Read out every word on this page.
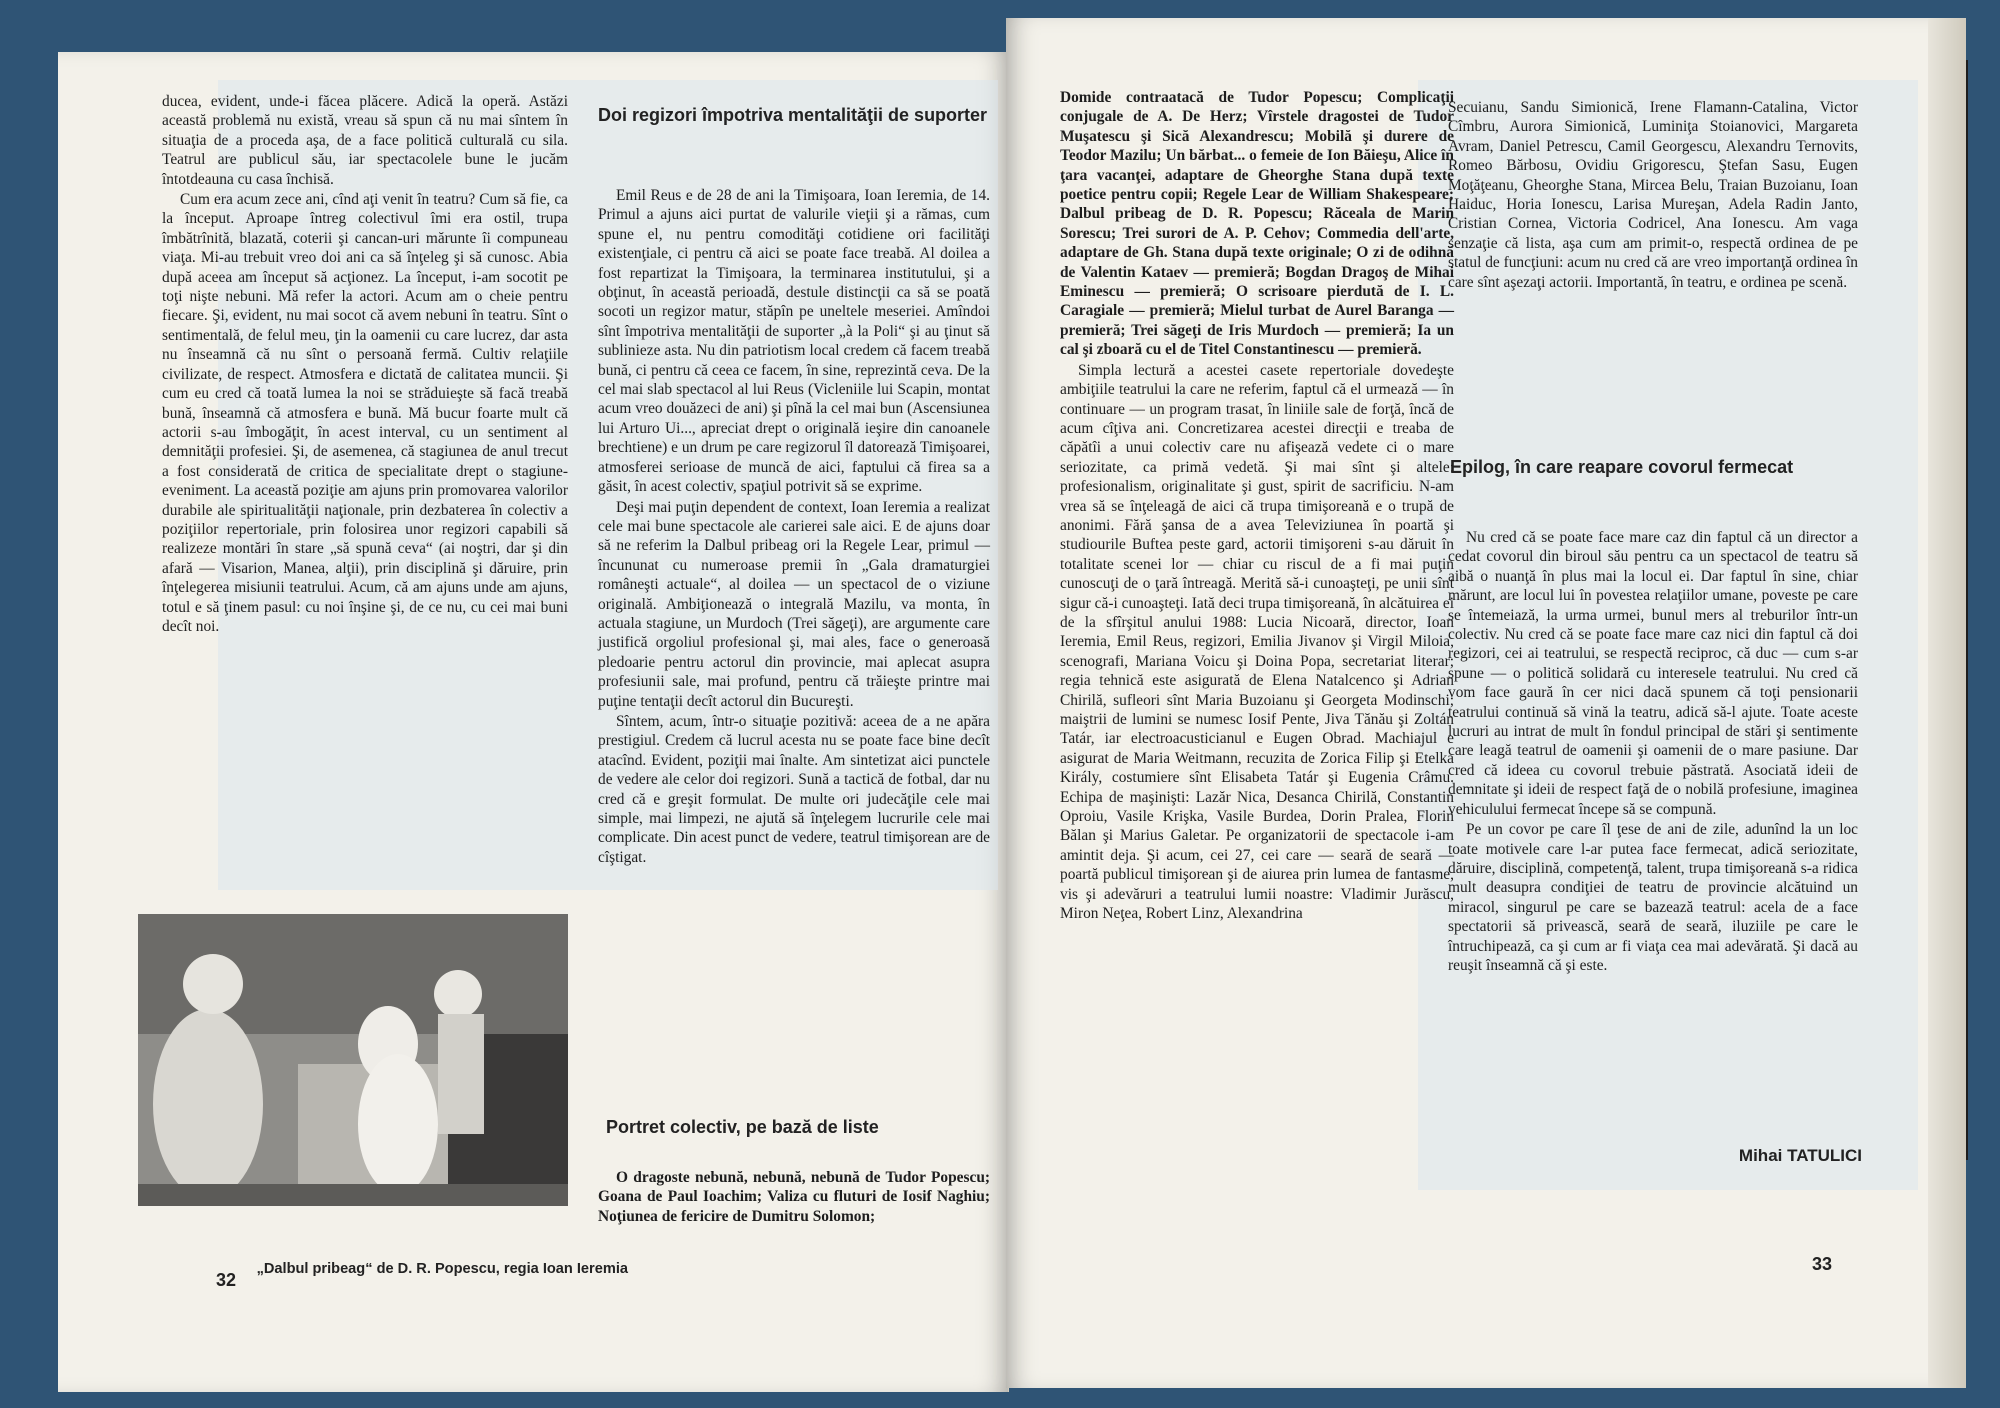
ducea, evident, unde-i făcea plăcere. Adică la operă. Astăzi această problemă nu există, vreau să spun că nu mai sîntem în situaţia de a proceda aşa, de a face politică culturală cu sila. Teatrul are publicul său, iar spectacolele bune le jucăm întotdeauna cu casa închisă.

Cum era acum zece ani, cînd aţi venit în teatru? Cum să fie, ca la început. Aproape întreg colectivul îmi era ostil, trupa îmbătrînită, blazată, coterii şi cancan-uri mărunte îi compuneau viaţa. Mi-au trebuit vreo doi ani ca să înţeleg şi să cunosc. Abia după aceea am început să acţionez. La început, i-am socotit pe toţi nişte nebuni. Mă refer la actori. Acum am o cheie pentru fiecare. Şi, evident, nu mai socot că avem nebuni în teatru. Sînt o sentimentală, de felul meu, ţin la oamenii cu care lucrez, dar asta nu înseamnă că nu sînt o persoană fermă. Cultiv relaţiile civilizate, de respect. Atmosfera e dictată de calitatea muncii. Şi cum eu cred că toată lumea la noi se străduieşte să facă treabă bună, înseamnă că atmosfera e bună. Mă bucur foarte mult că actorii s-au îmbogăţit, în acest interval, cu un sentiment al demnităţii profesiei. Şi, de asemenea, că stagiunea de anul trecut a fost considerată de critica de specialitate drept o stagiune-eveniment. La această poziţie am ajuns prin promovarea valorilor durabile ale spiritualităţii naţionale, prin dezbaterea în colectiv a poziţiilor repertoriale, prin folosirea unor regizori capabili să realizeze montări în stare „să spună ceva“ (ai noştri, dar şi din afară — Visarion, Manea, alţii), prin disciplină şi dăruire, prin înţelegerea misiunii teatrului. Acum, că am ajuns unde am ajuns, totul e să ţinem pasul: cu noi înşine şi, de ce nu, cu cei mai buni decît noi.

Doi regizori împotriva mentalităţii de suporter

Emil Reus e de 28 de ani la Timişoara, Ioan Ieremia, de 14. Primul a ajuns aici purtat de valurile vieţii şi a rămas, cum spune el, nu pentru comodităţi cotidiene ori facilităţi existenţiale, ci pentru că aici se poate face treabă. Al doilea a fost repartizat la Timişoara, la terminarea institutului, şi a obţinut, în această perioadă, destule distincţii ca să se poată socoti un regizor matur, stăpîn pe uneltele meseriei. Amîndoi sînt împotriva mentalităţii de suporter „à la Poli“ şi au ţinut să sublinieze asta. Nu din patriotism local credem că facem treabă bună, ci pentru că ceea ce facem, în sine, reprezintă ceva. De la cel mai slab spectacol al lui Reus (Vicleniile lui Scapin, montat acum vreo douăzeci de ani) şi pînă la cel mai bun (Ascensiunea lui Arturo Ui..., apreciat drept o originală ieşire din canoanele brechtiene) e un drum pe care regizorul îl datorează Timişoarei, atmosferei serioase de muncă de aici, faptului că firea sa a găsit, în acest colectiv, spaţiul potrivit să se exprime.

Deşi mai puţin dependent de context, Ioan Ieremia a realizat cele mai bune spectacole ale carierei sale aici. E de ajuns doar să ne referim la Dalbul pribeag ori la Regele Lear, primul — încununat cu numeroase premii în „Gala dramaturgiei româneşti actuale“, al doilea — un spectacol de o viziune originală. Ambiţionează o integrală Mazilu, va monta, în actuala stagiune, un Murdoch (Trei săgeţi), are argumente care justifică orgoliul profesional şi, mai ales, face o generoasă pledoarie pentru actorul din provincie, mai aplecat asupra profesiunii sale, mai profund, pentru că trăieşte printre mai puţine tentaţii decît actorul din Bucureşti.

Sîntem, acum, într-o situaţie pozitivă: aceea de a ne apăra prestigiul. Credem că lucrul acesta nu se poate face bine decît atacînd. Evident, poziţii mai înalte. Am sintetizat aici punctele de vedere ale celor doi regizori. Sună a tactică de fotbal, dar nu cred că e greşit formulat. De multe ori judecăţile cele mai simple, mai limpezi, ne ajută să înţelegem lucrurile cele mai complicate. Din acest punct de vedere, teatrul timişorean are de cîştigat.

Portret colectiv, pe bază de liste

O dragoste nebună, nebună, nebună de Tudor Popescu; Goana de Paul Ioachim; Valiza cu fluturi de Iosif Naghiu; Noţiunea de fericire de Dumitru Solomon;

„Dalbul pribeag“ de D. R. Popescu, regia Ioan Ieremia
32

Domide contraatacă de Tudor Popescu; Complicaţii conjugale de A. De Herz; Vîrstele dragostei de Tudor Muşatescu şi Sică Alexandrescu; Mobilă şi durere de Teodor Mazilu; Un bărbat... o femeie de Ion Băieşu, Alice în ţara vacanţei, adaptare de Gheorghe Stana după texte poetice pentru copii; Regele Lear de William Shakespeare; Dalbul pribeag de D. R. Popescu; Răceala de Marin Sorescu; Trei surori de A. P. Cehov; Commedia dell'arte, adaptare de Gh. Stana după texte originale; O zi de odihnă de Valentin Kataev — premieră; Bogdan Dragoş de Mihai Eminescu — premieră; O scrisoare pierdută de I. L. Caragiale — premieră; Mielul turbat de Aurel Baranga — premieră; Trei săgeţi de Iris Murdoch — premieră; Ia un cal şi zboară cu el de Titel Constantinescu — premieră.

Simpla lectură a acestei casete repertoriale dovedeşte ambiţiile teatrului la care ne referim, faptul că el urmează — în continuare — un program trasat, în liniile sale de forţă, încă de acum cîţiva ani. Concretizarea acestei direcţii e treaba de căpătîi a unui colectiv care nu afişează vedete ci o mare seriozitate, ca primă vedetă. Şi mai sînt şi altele: profesionalism, originalitate şi gust, spirit de sacrificiu. N-am vrea să se înţeleagă de aici că trupa timişoreană e o trupă de anonimi. Fără şansa de a avea Televiziunea în poartă şi studiourile Buftea peste gard, actorii timişoreni s-au dăruit în totalitate scenei lor — chiar cu riscul de a fi mai puţin cunoscuţi de o ţară întreagă. Merită să-i cunoaşteţi, pe unii sînt sigur că-i cunoaşteţi. Iată deci trupa timişoreană, în alcătuirea ei de la sfîrşitul anului 1988: Lucia Nicoară, director, Ioan Ieremia, Emil Reus, regizori, Emilia Jivanov şi Virgil Miloia, scenografi, Mariana Voicu şi Doina Popa, secretariat literar; regia tehnică este asigurată de Elena Natalcenco şi Adrian Chirilă, sufleori sînt Maria Buzoianu şi Georgeta Modinschi; maiştrii de lumini se numesc Iosif Pente, Jiva Tănău şi Zoltán Tatár, iar electroacusticianul e Eugen Obrad. Machiajul e asigurat de Maria Weitmann, recuzita de Zorica Filip şi Etelka Király, costumiere sînt Elisabeta Tatár şi Eugenia Crâmu. Echipa de maşinişti: Lazăr Nica, Desanca Chirilă, Constantin Oproiu, Vasile Krişka, Vasile Burdea, Dorin Pralea, Florin Bălan şi Marius Galetar. Pe organizatorii de spectacole i-am amintit deja. Şi acum, cei 27, cei care — seară de seară — poartă publicul timişorean şi de aiurea prin lumea de fantasme, vis şi adevăruri a teatrului lumii noastre: Vladimir Jurăscu, Miron Neţea, Robert Linz, Alexandrina

Secuianu, Sandu Simionică, Irene Flamann-Catalina, Victor Cîmbru, Aurora Simionică, Luminiţa Stoianovici, Margareta Avram, Daniel Petrescu, Camil Georgescu, Alexandru Ternovits, Romeo Bărbosu, Ovidiu Grigorescu, Ştefan Sasu, Eugen Moţăţeanu, Gheorghe Stana, Mircea Belu, Traian Buzoianu, Ioan Haiduc, Horia Ionescu, Larisa Mureşan, Adela Radin Janto, Cristian Cornea, Victoria Codricel, Ana Ionescu. Am vaga senzaţie că lista, aşa cum am primit-o, respectă ordinea de pe statul de funcţiuni: acum nu cred că are vreo importanţă ordinea în care sînt aşezaţi actorii. Importantă, în teatru, e ordinea pe scenă.

Epilog, în care reapare covorul fermecat

Nu cred că se poate face mare caz din faptul că un director a cedat covorul din biroul său pentru ca un spectacol de teatru să aibă o nuanţă în plus mai la locul ei. Dar faptul în sine, chiar mărunt, are locul lui în povestea relaţiilor umane, poveste pe care se întemeiază, la urma urmei, bunul mers al treburilor într-un colectiv. Nu cred că se poate face mare caz nici din faptul că doi regizori, cei ai teatrului, se respectă reciproc, că duc — cum s-ar spune — o politică solidară cu interesele teatrului. Nu cred că vom face gaură în cer nici dacă spunem că toţi pensionarii teatrului continuă să vină la teatru, adică să-l ajute. Toate aceste lucruri au intrat de mult în fondul principal de stări şi sentimente care leagă teatrul de oamenii şi oamenii de o mare pasiune. Dar cred că ideea cu covorul trebuie păstrată. Asociată ideii de demnitate şi ideii de respect faţă de o nobilă profesiune, imaginea vehiculului fermecat începe să se compună.

Pe un covor pe care îl ţese de ani de zile, adunînd la un loc toate motivele care l-ar putea face fermecat, adică seriozitate, dăruire, disciplină, competenţă, talent, trupa timişoreană s-a ridica mult deasupra condiţiei de teatru de provincie alcătuind un miracol, singurul pe care se bazează teatrul: acela de a face spectatorii să privească, seară de seară, iluziile pe care le întruchipează, ca şi cum ar fi viaţa cea mai adevărată. Şi dacă au reuşit înseamnă că şi este.

Mihai TATULICI
33
